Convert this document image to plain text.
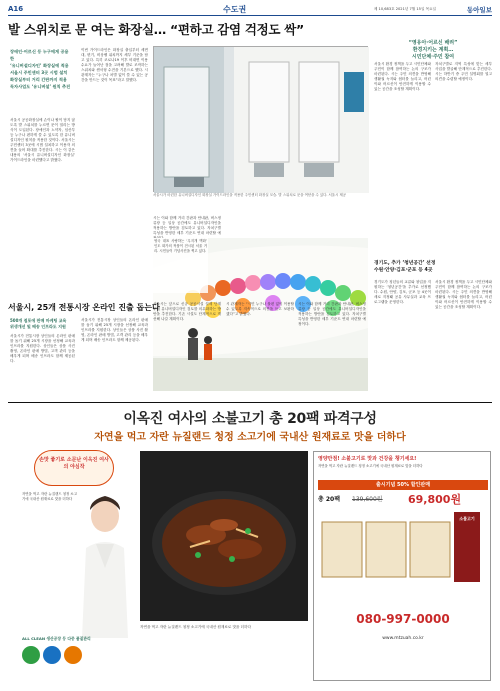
A16	수도권	제 10,683호 2021년 7월 15일 목요일	동아일보
발 스위치로 문 여는 화장실… “편하고 감염 걱정도 싹”
장애인·어르신 등 누구에게 공용한
‘유니버설디자인’ 화장실에 적용
서울시 주민센터 3곳 시범 설치
화장실부터 거리 간판까지 적용
독자사업도 ‘유니버설’ 원칙 추진
서울시 공공화장실에 손이나 팔이 닿지 않도록 발 스위치를 누르면 문이 열리는 방식이 도입된다. 장애인과 노약자, 임산부 등 누구나 편하게 쓸 수 있도록 한 유니버설디자인 원칙을 적용한 것이다. 서울시는 주민센터 3곳에 시범 설치하고 이용자 의견을 들어 확대를 추진한다. 시는 이 같은 내용의 ‘서울시 유니버설디자인 화장실’ 가이드라인을 마련했다고 밝혔다.
이번 가이드라인은 화장실 출입부터 세면대, 변기, 비상벨 위치까지 세부 기준을 담고 있다. 특히 코로나19 이후 비대면 이용 수요가 늘어난 점을 고려해 발로 조작하는 스위치와 센서형 수전을 기본으로 했다. 시 관계자는 “누구나 차별 없이 쓸 수 있는 공간을 만드는 것이 목표”라고 말했다.
시는 이와 함께 거리 간판과 안내판, 버스정류장 등 일상 공간에도 유니버설디자인을 적용하는 방안을 검토하고 있다. 자치구별 특성을 반영한 세부 기준도 연내 마련할 예
서울시가 마련한 유니버설디자인 화장실 가이드라인을 적용한 주민센터 화장실 모습. 발 스위치로 문을 여닫을 수 있다. 서울시 제공
영국 대표 사랑하는 ‘무지개 벽화’ 인도 화가의 작품이 전시된 서울 거리. 시민들이 기념사진을 찍고 있다.
서울시는 앞으로 신규 공공시설 설계 단계부터 유니버설디자인 검토를 의무화하는 방안을 추진한다. 기존 시설도 단계적으로 개선해 나갈 계획이다.
시 관계자는 “시민 누구나 불편 없이 이용할 수 있도록 지속적으로 의견을 듣고 보완하겠다”고 밝혔다.
시는 이와 함께 거리 간판과 안내판, 버스정류장 등 일상 공간에도 유니버설디자인을 적용하는 방안을 검토하고 있다. 자치구별 특성을 반영한 세부 기준도 연내 마련할 예정이다.
서울시, 25개 전통시장 온라인 진출 돕는다
500개 점포에 판매 마케팅 교육
위생개선 및 배송 인프라도 지원
서울시가 전통시장 상인들의 온라인 판매를 돕기 위해 25개 시장을 선정해 교육과 인프라를 지원한다. 상인들은 상품 사진 촬영, 온라인 판매 방법, 고객 관리 등을 배우게 되며 배송 인프라도 함께 제공된다.
서울시가 전통시장 상인들의 온라인 판매를 돕기 위해 25개 시장을 선정해 교육과 인프라를 지원한다. 상인들은 상품 사진 촬영, 온라인 판매 방법, 고객 관리 등을 배우게 되며 배송 인프라도 함께 제공된다.
“영유아·어르신 배려”
환경지키는 계획…
시민단체·주민 참여
서울시 환경 정책을 두고 시민단체와 주민이 함께 참여하는 논의 구조가 마련된다. 시는 주민 의견을 반영해 생활권 녹지와 쉼터를 늘리고, 어린이와 어르신이 안전하게 이용할 수 있는 공간을 조성할 계획이다.
자치구별로 지역 특성에 맞는 세부 사업을 발굴해 단계적으로 추진한다. 시는 하반기 중 주민 설명회를 열고 의견을 수렴할 예정이다.
경기도, 추가 ‘청년공간’ 선정
수원·안양·김포·군포 등 4곳
경기도가 청년들의 교류와 창업을 지원하는 ‘청년공간’을 추가로 선정했다. 수원, 안양, 김포, 군포 등 4곳이 새로 지정돼 공유 사무실과 교육 프로그램을 운영한다.
서울시 환경 정책을 두고 시민단체와 주민이 함께 참여하는 논의 구조가 마련된다. 시는 주민 의견을 반영해 생활권 녹지와 쉼터를 늘리고, 어린이와 어르신이 안전하게 이용할 수 있는 공간을 조성할 계획이다.
이옥진 여사의 소불고기 총 20팩 파격구성
자연을 먹고 자란 뉴질랜드 청정 소고기에 국내산 원재료로 맛을 더하다
손맛 좋기로 소문난 이옥진 여사의 야심작
자연을 먹고 자란 뉴질랜드 청정 소고기에 국내산 원재료로 맛을 더하다
ALL CLEAN 생산공장 등 다중 품질관리
자연을 먹고 자란 뉴질랜드 청정 소고기에 국내산 원재료로 맛을 더하다
영양만점! 소불고기로 맛과 건강을 챙기세요!
자연을 먹고 자란 뉴질랜드 청정 소고기에 국내산 원재료로 맛을 더하다
출시기념 50% 할인판매
총 20팩 139,600원 69,800원
소불고기
080-997-0000
www.mtzuah.co.kr
